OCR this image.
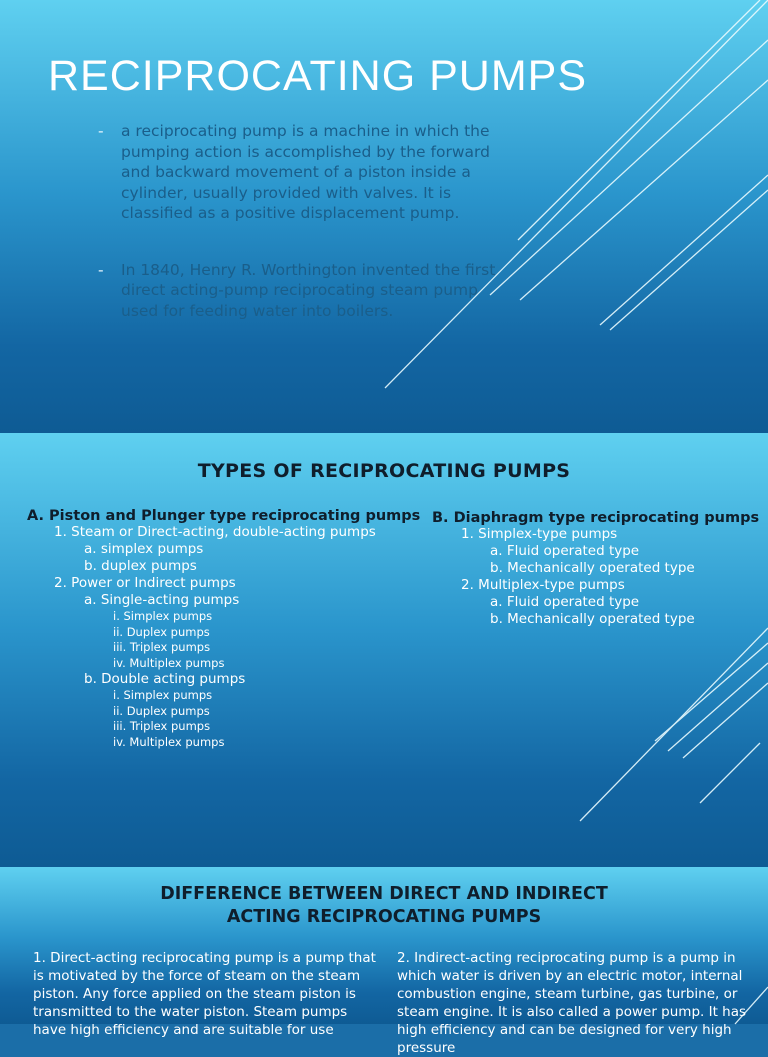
RECIPROCATING PUMPS
- a reciprocating pump is a machine in which the pumping action is accomplished by the forward and backward movement of a piston inside a cylinder, usually provided with valves. It is classified as a positive displacement pump.
- In 1840, Henry R. Worthington invented the first direct acting-pump reciprocating steam pump used for feeding water into boilers.
TYPES OF RECIPROCATING PUMPS
A. Piston and Plunger type reciprocating pumps
1. Steam or Direct-acting, double-acting pumps
a. simplex pumps
b. duplex pumps
2. Power or Indirect pumps
a. Single-acting pumps
i. Simplex pumps
ii. Duplex pumps
iii. Triplex pumps
iv. Multiplex pumps
b. Double acting pumps
i. Simplex pumps
ii. Duplex pumps
iii. Triplex pumps
iv. Multiplex pumps
B. Diaphragm type reciprocating pumps
1. Simplex-type pumps
a. Fluid operated type
b. Mechanically operated type
2. Multiplex-type pumps
a. Fluid operated type
b. Mechanically operated type
DIFFERENCE BETWEEN DIRECT AND INDIRECT
ACTING RECIPROCATING PUMPS

1. Direct-acting reciprocating pump is a pump that is motivated by the force of steam on the steam piston. Any force applied on the steam piston is transmitted to the water piston. Steam pumps have high efficiency and are suitable for use

2. Indirect-acting reciprocating pump is a pump in which water is driven by an electric motor, internal combustion engine, steam turbine, gas turbine, or steam engine. It is also called a power pump. It has high efficiency and can be designed for very high pressure
